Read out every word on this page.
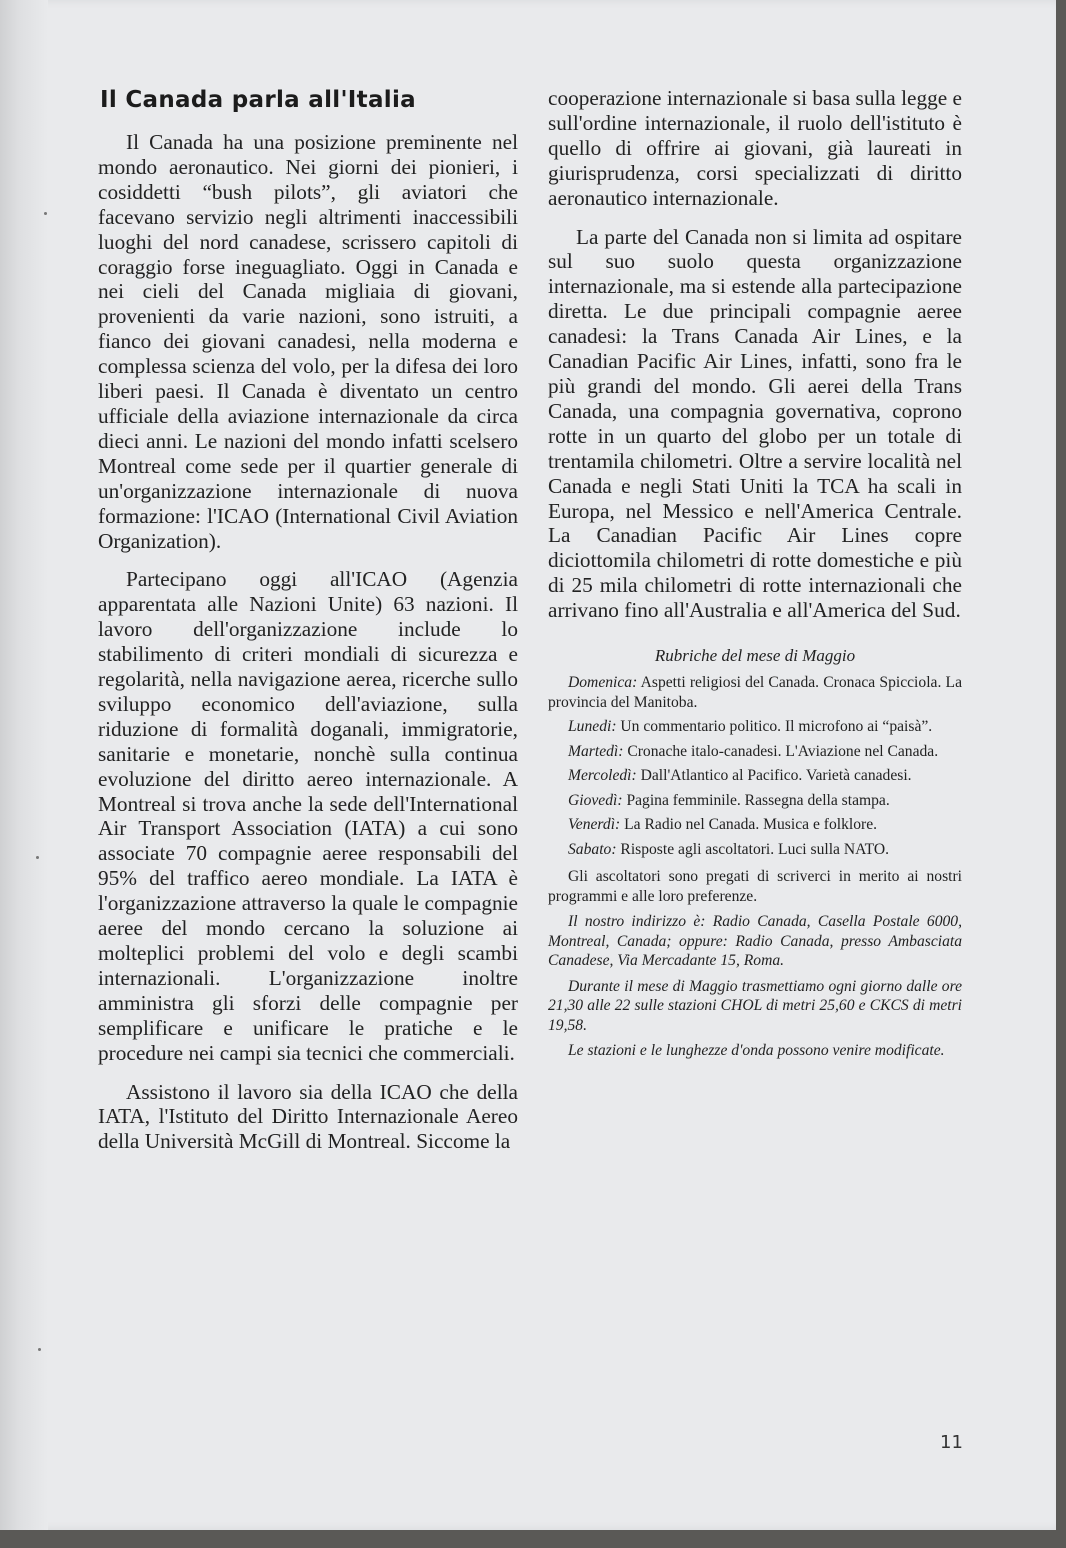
Il Canada parla all'Italia

Il Canada ha una posizione preminente nel mondo aeronautico. Nei giorni dei pionieri, i cosiddetti “bush pilots”, gli aviatori che facevano servizio negli altrimenti inaccessibili luoghi del nord canadese, scrissero capitoli di coraggio forse ineguagliato. Oggi in Canada e nei cieli del Canada migliaia di giovani, provenienti da varie nazioni, sono istruiti, a fianco dei giovani canadesi, nella moderna e complessa scienza del volo, per la difesa dei loro liberi paesi. Il Canada è diventato un centro ufficiale della aviazione internazionale da circa dieci anni. Le nazioni del mondo infatti scelsero Montreal come sede per il quartier generale di un'organizzazione internazionale di nuova formazione: l'ICAO (International Civil Aviation Organization).

Partecipano oggi all'ICAO (Agenzia apparentata alle Nazioni Unite) 63 nazioni. Il lavoro dell'organizzazione include lo stabilimento di criteri mondiali di sicurezza e regolarità, nella navigazione aerea, ricerche sullo sviluppo economico dell'aviazione, sulla riduzione di formalità doganali, immigratorie, sanitarie e monetarie, nonchè sulla continua evoluzione del diritto aereo internazionale. A Montreal si trova anche la sede dell'International Air Transport Association (IATA) a cui sono associate 70 compagnie aeree responsabili del 95% del traffico aereo mondiale. La IATA è l'organizzazione attraverso la quale le compagnie aeree del mondo cercano la soluzione ai molteplici problemi del volo e degli scambi internazionali. L'organizzazione inoltre amministra gli sforzi delle compagnie per semplificare e unificare le pratiche e le procedure nei campi sia tecnici che commerciali.

Assistono il lavoro sia della ICAO che della IATA, l'Istituto del Diritto Internazionale Aereo della Università McGill di Montreal. Siccome la

cooperazione internazionale si basa sulla legge e sull'ordine internazionale, il ruolo dell'istituto è quello di offrire ai giovani, già laureati in giurisprudenza, corsi specializzati di diritto aeronautico internazionale.

La parte del Canada non si limita ad ospitare sul suo suolo questa organizzazione internazionale, ma si estende alla partecipazione diretta. Le due principali compagnie aeree canadesi: la Trans Canada Air Lines, e la Canadian Pacific Air Lines, infatti, sono fra le più grandi del mondo. Gli aerei della Trans Canada, una compagnia governativa, coprono rotte in un quarto del globo per un totale di trentamila chilometri. Oltre a servire località nel Canada e negli Stati Uniti la TCA ha scali in Europa, nel Messico e nell'America Centrale. La Canadian Pacific Air Lines copre diciottomila chilometri di rotte domestiche e più di 25 mila chilometri di rotte internazionali che arrivano fino all'Australia e all'America del Sud.

Rubriche del mese di Maggio

Domenica: Aspetti religiosi del Canada. Cronaca Spicciola. La provincia del Manitoba.

Lunedi: Un commentario politico. Il microfono ai “paisà”.

Martedì: Cronache italo-canadesi. L'Aviazione nel Canada.

Mercoledì: Dall'Atlantico al Pacifico. Varietà canadesi.

Giovedì: Pagina femminile. Rassegna della stampa.

Venerdì: La Radio nel Canada. Musica e folklore.

Sabato: Risposte agli ascoltatori. Luci sulla NATO.

Gli ascoltatori sono pregati di scriverci in merito ai nostri programmi e alle loro preferenze.

Il nostro indirizzo è: Radio Canada, Casella Postale 6000, Montreal, Canada; oppure: Radio Canada, presso Ambasciata Canadese, Via Mercadante 15, Roma.

Durante il mese di Maggio trasmettiamo ogni giorno dalle ore 21,30 alle 22 sulle stazioni CHOL di metri 25,60 e CKCS di metri 19,58.

Le stazioni e le lunghezze d'onda possono venire modificate.

11
